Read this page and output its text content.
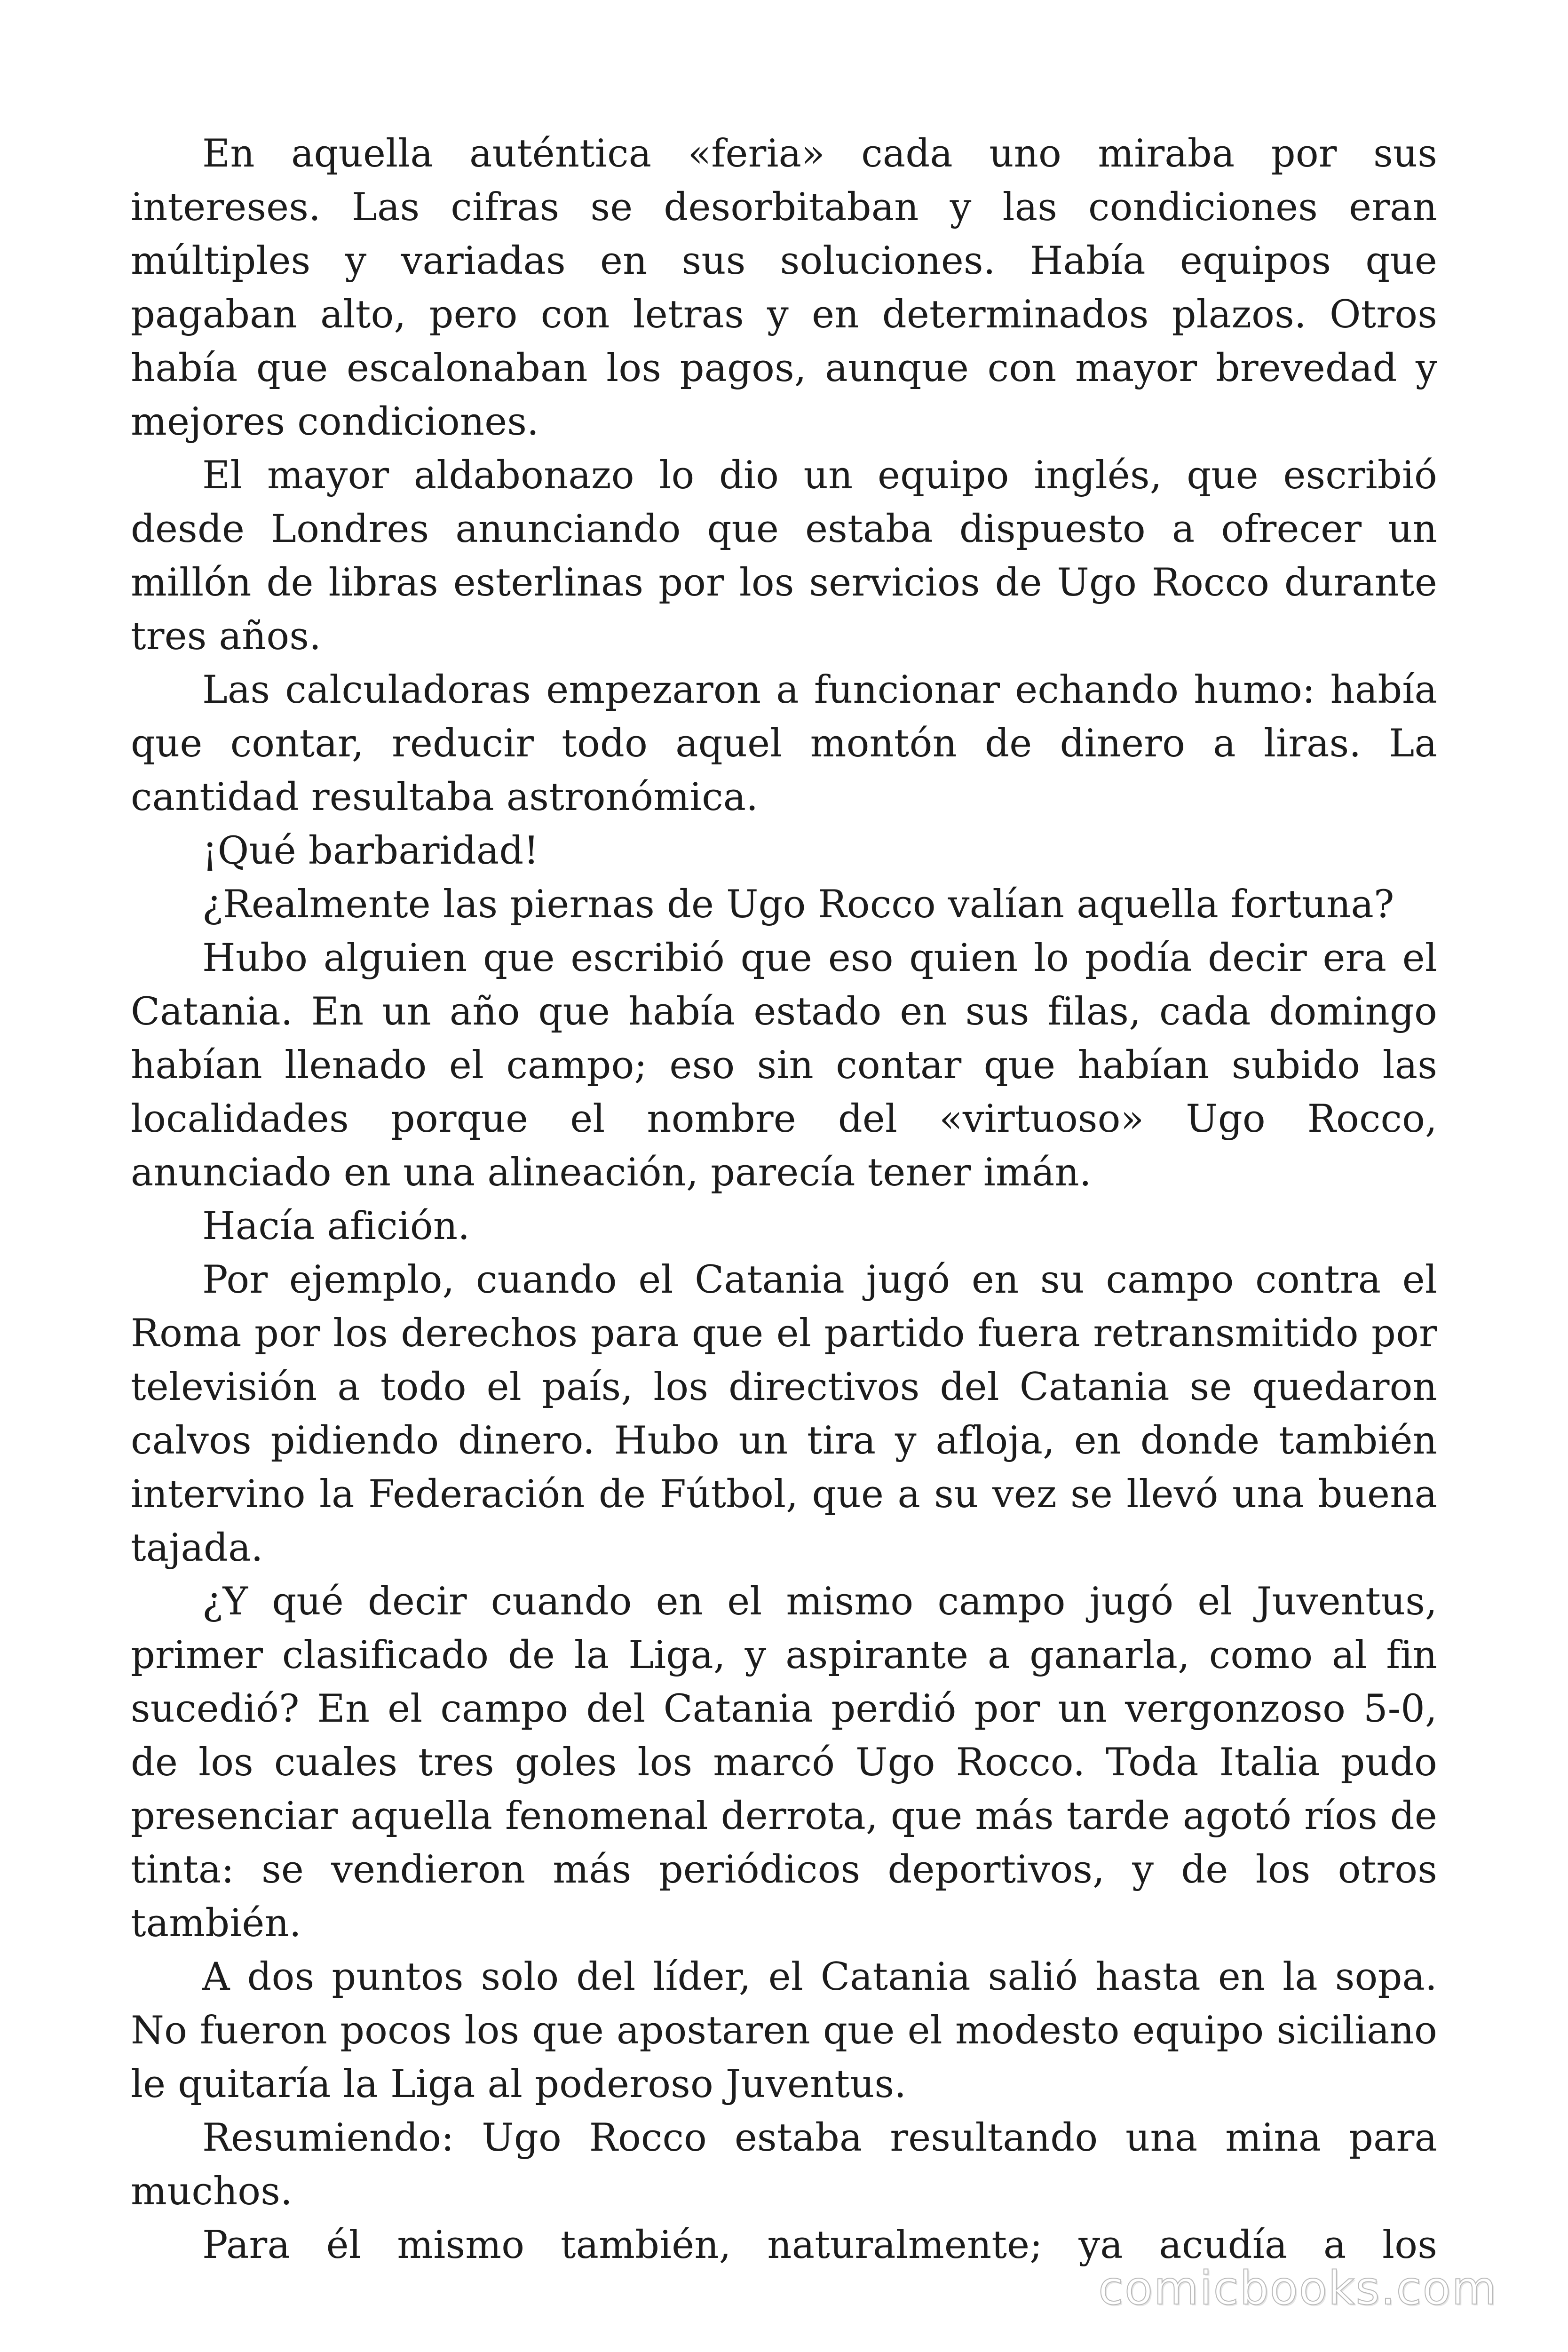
En aquella auténtica «feria» cada uno miraba por sus intereses. Las cifras se desorbitaban y las condiciones eran múltiples y variadas en sus soluciones. Había equipos que pagaban alto, pero con letras y en determinados plazos. Otros había que escalonaban los pagos, aunque con mayor brevedad y mejores condiciones.

El mayor aldabonazo lo dio un equipo inglés, que escribió desde Londres anunciando que estaba dispuesto a ofrecer un millón de libras esterlinas por los servicios de Ugo Rocco durante tres años.

Las calculadoras empezaron a funcionar echando humo: había que contar, reducir todo aquel montón de dinero a liras. La cantidad resultaba astronómica.

¡Qué barbaridad!

¿Realmente las piernas de Ugo Rocco valían aquella fortuna?

Hubo alguien que escribió que eso quien lo podía decir era el Catania. En un año que había estado en sus filas, cada domingo habían llenado el campo; eso sin contar que habían subido las localidades porque el nombre del «virtuoso» Ugo Rocco, anunciado en una alineación, parecía tener imán.

Hacía afición.

Por ejemplo, cuando el Catania jugó en su campo contra el Roma por los derechos para que el partido fuera retransmitido por televisión a todo el país, los directivos del Catania se quedaron calvos pidiendo dinero. Hubo un tira y afloja, en donde también intervino la Federación de Fútbol, que a su vez se llevó una buena tajada.

¿Y qué decir cuando en el mismo campo jugó el Juventus, primer clasificado de la Liga, y aspirante a ganarla, como al fin sucedió? En el campo del Catania perdió por un vergonzoso 5-0, de los cuales tres goles los marcó Ugo Rocco. Toda Italia pudo presenciar aquella fenomenal derrota, que más tarde agotó ríos de tinta: se vendieron más periódicos deportivos, y de los otros también.

A dos puntos solo del líder, el Catania salió hasta en la sopa. No fueron pocos los que apostaren que el modesto equipo siciliano le quitaría la Liga al poderoso Juventus.

Resumiendo: Ugo Rocco estaba resultando una mina para muchos.

Para él mismo también, naturalmente; ya acudía a los

comicbooks.com
